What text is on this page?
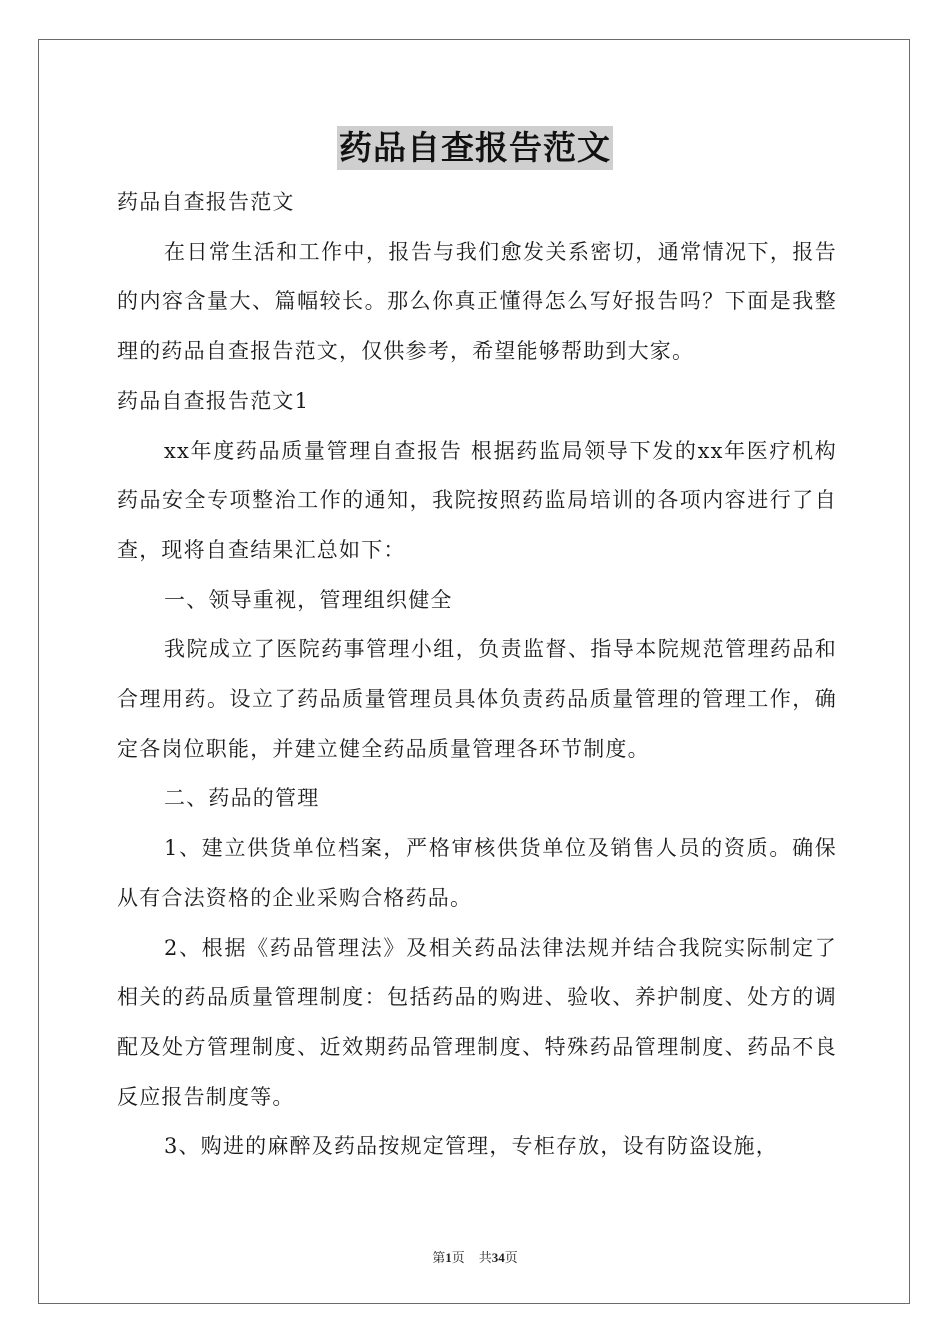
药品自查报告范文

药品自查报告范文

在日常生活和工作中，报告与我们愈发关系密切，通常情况下，报告的内容含量大、篇幅较长。那么你真正懂得怎么写好报告吗？下面是我整理的药品自查报告范文，仅供参考，希望能够帮助到大家。

药品自查报告范文1

xx年度药品质量管理自查报告 根据药监局领导下发的xx年医疗机构药品安全专项整治工作的通知，我院按照药监局培训的各项内容进行了自查，现将自查结果汇总如下：

一、领导重视，管理组织健全

我院成立了医院药事管理小组，负责监督、指导本院规范管理药品和合理用药。设立了药品质量管理员具体负责药品质量管理的管理工作，确定各岗位职能，并建立健全药品质量管理各环节制度。

二、药品的管理

1、建立供货单位档案，严格审核供货单位及销售人员的资质。确保从有合法资格的企业采购合格药品。

2、根据《药品管理法》及相关药品法律法规并结合我院实际制定了相关的药品质量管理制度：包括药品的购进、验收、养护制度、处方的调配及处方管理制度、近效期药品管理制度、特殊药品管理制度、药品不良反应报告制度等。

3、购进的麻醉及药品按规定管理，专柜存放，设有防盗设施，

第1页 共34页
